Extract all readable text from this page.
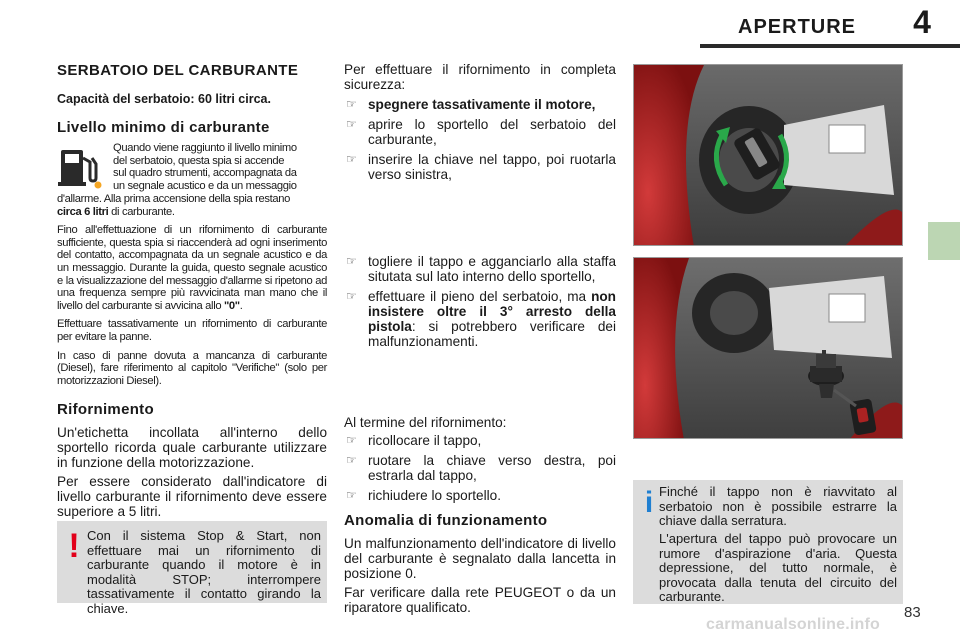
APERTURE	4
SERBATOIO DEL CARBURANTE
Capacità del serbatoio: 60 litri circa.
Livello minimo di carburante
Quando viene raggiunto il livello minimo
del serbatoio, questa spia si accende
sul quadro strumenti, accompagnata da
un segnale acustico e da un messaggio
d'allarme. Alla prima accensione della spia restano
circa 6 litri di carburante.
Fino all'effettuazione di un rifornimento di carburante sufficiente, questa spia si riaccenderà ad ogni inserimento del contatto, accompagnata da un segnale acustico e da un messaggio. Durante la guida, questo segnale acustico e la visualizzazione del messaggio d'allarme si ripetono ad una frequenza sempre più ravvicinata man mano che il livello del carburante si avvicina allo "0".
Effettuare tassativamente un rifornimento di carburante per evitare la panne.
In caso di panne dovuta a mancanza di carburante (Diesel), fare riferimento al capitolo "Verifiche" (solo per motorizzazioni Diesel).
Rifornimento
Un'etichetta incollata all'interno dello sportello ricorda quale carburante utilizzare in funzione della motorizzazione.
Per essere considerato dall'indicatore di livello carburante il rifornimento deve essere superiore a 5 litri.
! Con il sistema Stop & Start, non effettuare mai un rifornimento di carburante quando il motore è in modalità STOP; interrompere tassativamente il contatto girando la chiave.
Per effettuare il rifornimento in completa sicurezza:
☞ spegnere tassativamente il motore,
☞ aprire lo sportello del serbatoio del carburante,
☞ inserire la chiave nel tappo, poi ruotarla verso sinistra,
☞ togliere il tappo e agganciarlo alla staffa situtata sul lato interno dello sportello,
☞ effettuare il pieno del serbatoio, ma non insistere oltre il 3° arresto della pistola: si potrebbero verificare dei malfunzionamenti.
Al termine del rifornimento:
☞ ricollocare il tappo,
☞ ruotare la chiave verso destra, poi estrarla dal tappo,
☞ richiudere lo sportello.
Anomalia di funzionamento
Un malfunzionamento dell'indicatore di livello del carburante è segnalato dalla lancetta in posizione 0.
Far verificare dalla rete PEUGEOT o da un riparatore qualificato.
i Finché il tappo non è riavvitato al serbatoio non è possibile estrarre la chiave dalla serratura.
L'apertura del tappo può provocare un rumore d'aspirazione d'aria. Questa depressione, del tutto normale, è provocata dalla tenuta del circuito del carburante.
83
carmanualsonline.info
